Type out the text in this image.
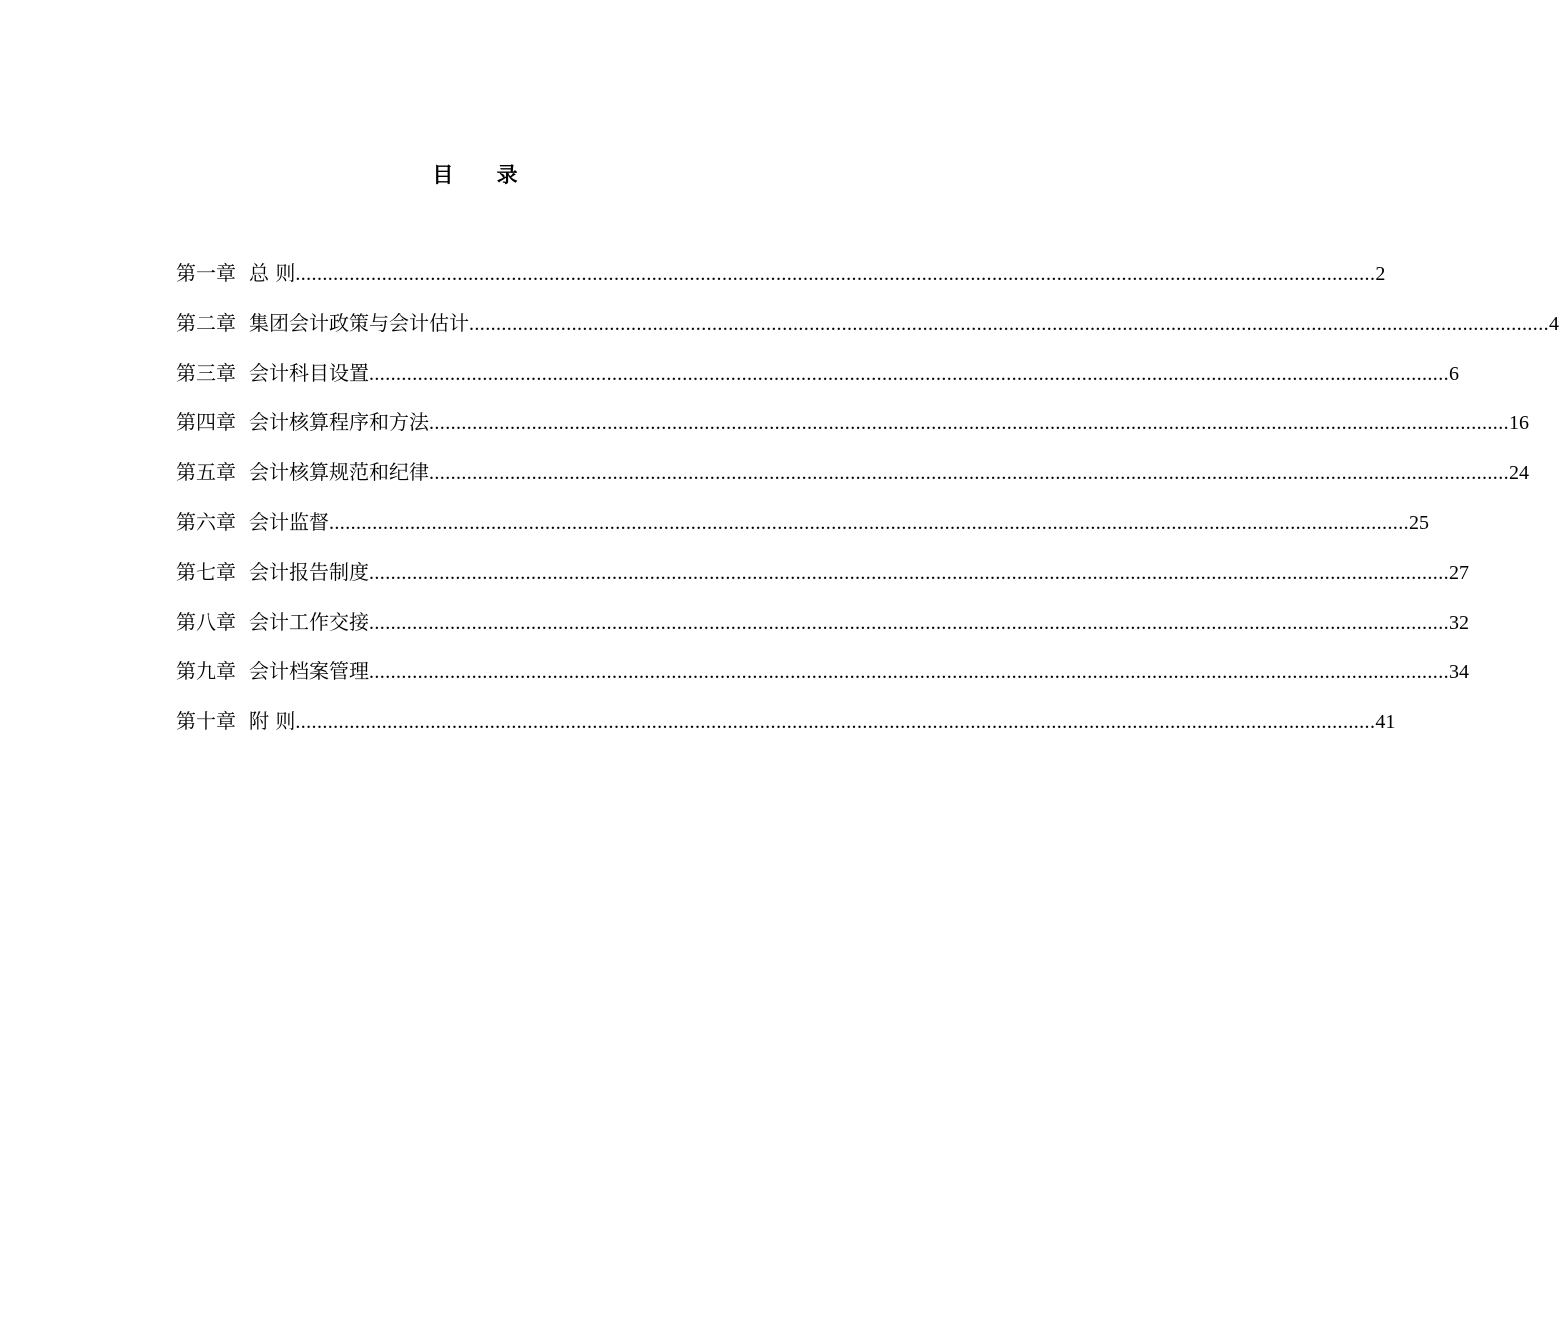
目 录
第一章 总 则 ........................................................................................................................................................................................................ 2
第二章 集团会计政策与会计估计 ........................................................................................................................................................................................................ 4
第三章 会计科目设置 ........................................................................................................................................................................................................ 6
第四章 会计核算程序和方法 ........................................................................................................................................................................................................ 16
第五章 会计核算规范和纪律 ........................................................................................................................................................................................................ 24
第六章 会计监督 ........................................................................................................................................................................................................ 25
第七章 会计报告制度 ........................................................................................................................................................................................................ 27
第八章 会计工作交接 ........................................................................................................................................................................................................ 32
第九章 会计档案管理 ........................................................................................................................................................................................................ 34
第十章 附 则 ........................................................................................................................................................................................................ 41
